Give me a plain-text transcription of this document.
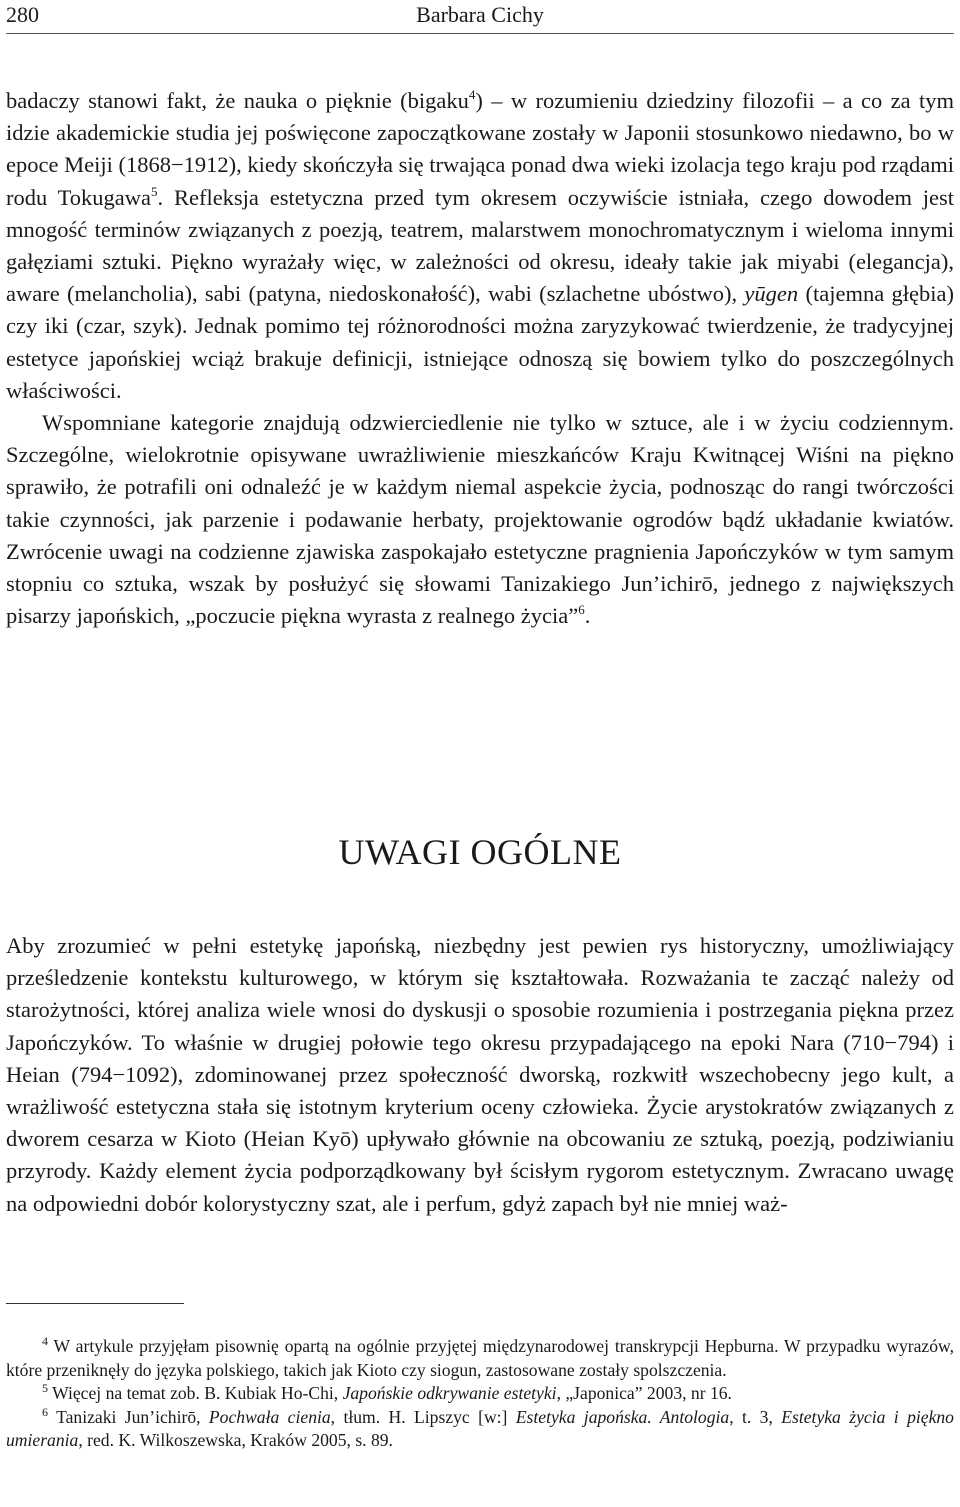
280	Barbara Cichy

badaczy stanowi fakt, że nauka o pięknie (bigaku$^4$) – w rozumieniu dziedziny filozofii – a co za tym idzie akademickie studia jej poświęcone zapoczątkowane zostały w Japonii stosunkowo niedawno, bo w epoce Meiji (1868−1912), kiedy skończyła się trwająca ponad dwa wieki izolacja tego kraju pod rządami rodu Tokugawa$^5$. Refleksja estetyczna przed tym okresem oczywiście istniała, czego dowodem jest mnogość terminów związanych z poezją, teatrem, malarstwem monochromatycznym i wieloma innymi gałęziami sztuki. Piękno wyrażały więc, w zależności od okresu, ideały takie jak miyabi (elegancja), aware (melancholia), sabi (patyna, niedoskonałość), wabi (szlachetne ubóstwo), yūgen (tajemna głębia) czy iki (czar, szyk). Jednak pomimo tej różnorodności można zaryzykować twierdzenie, że tradycyjnej estetyce japońskiej wciąż brakuje definicji, istniejące odnoszą się bowiem tylko do poszczególnych właściwości.

Wspomniane kategorie znajdują odzwierciedlenie nie tylko w sztuce, ale i w życiu codziennym. Szczególne, wielokrotnie opisywane uwrażliwienie mieszkańców Kraju Kwitnącej Wiśni na piękno sprawiło, że potrafili oni odnaleźć je w każdym niemal aspekcie życia, podnosząc do rangi twórczości takie czynności, jak parzenie i podawanie herbaty, projektowanie ogrodów bądź układanie kwiatów. Zwrócenie uwagi na codzienne zjawiska zaspokajało estetyczne pragnienia Japończyków w tym samym stopniu co sztuka, wszak by posłużyć się słowami Tanizakiego Jun’ichirō, jednego z największych pisarzy japońskich, „poczucie piękna wyrasta z realnego życia”$^6$.

UWAGI OGÓLNE

Aby zrozumieć w pełni estetykę japońską, niezbędny jest pewien rys historyczny, umożliwiający prześledzenie kontekstu kulturowego, w którym się kształtowała. Rozważania te zacząć należy od starożytności, której analiza wiele wnosi do dyskusji o sposobie rozumienia i postrzegania piękna przez Japończyków. To właśnie w drugiej połowie tego okresu przypadającego na epoki Nara (710−794) i Heian (794−1092), zdominowanej przez społeczność dworską, rozkwitł wszechobecny jego kult, a wrażliwość estetyczna stała się istotnym kryterium oceny człowieka. Życie arystokratów związanych z dworem cesarza w Kioto (Heian Kyō) upływało głównie na obcowaniu ze sztuką, poezją, podziwianiu przyrody. Każdy element życia podporządkowany był ścisłym rygorom estetycznym. Zwracano uwagę na odpowiedni dobór kolorystyczny szat, ale i perfum, gdyż zapach był nie mniej waż-

$^4$ W artykule przyjęłam pisownię opartą na ogólnie przyjętej międzynarodowej transkrypcji Hepburna. W przypadku wyrazów, które przeniknęły do języka polskiego, takich jak Kioto czy siogun, zastosowane zostały spolszczenia.

$^5$ Więcej na temat zob. B. Kubiak Ho-Chi, Japońskie odkrywanie estetyki, „Japonica” 2003, nr 16.

$^6$ Tanizaki Jun’ichirō, Pochwała cienia, tłum. H. Lipszyc [w:] Estetyka japońska. Antologia, t. 3, Estetyka życia i piękno umierania, red. K. Wilkoszewska, Kraków 2005, s. 89.
